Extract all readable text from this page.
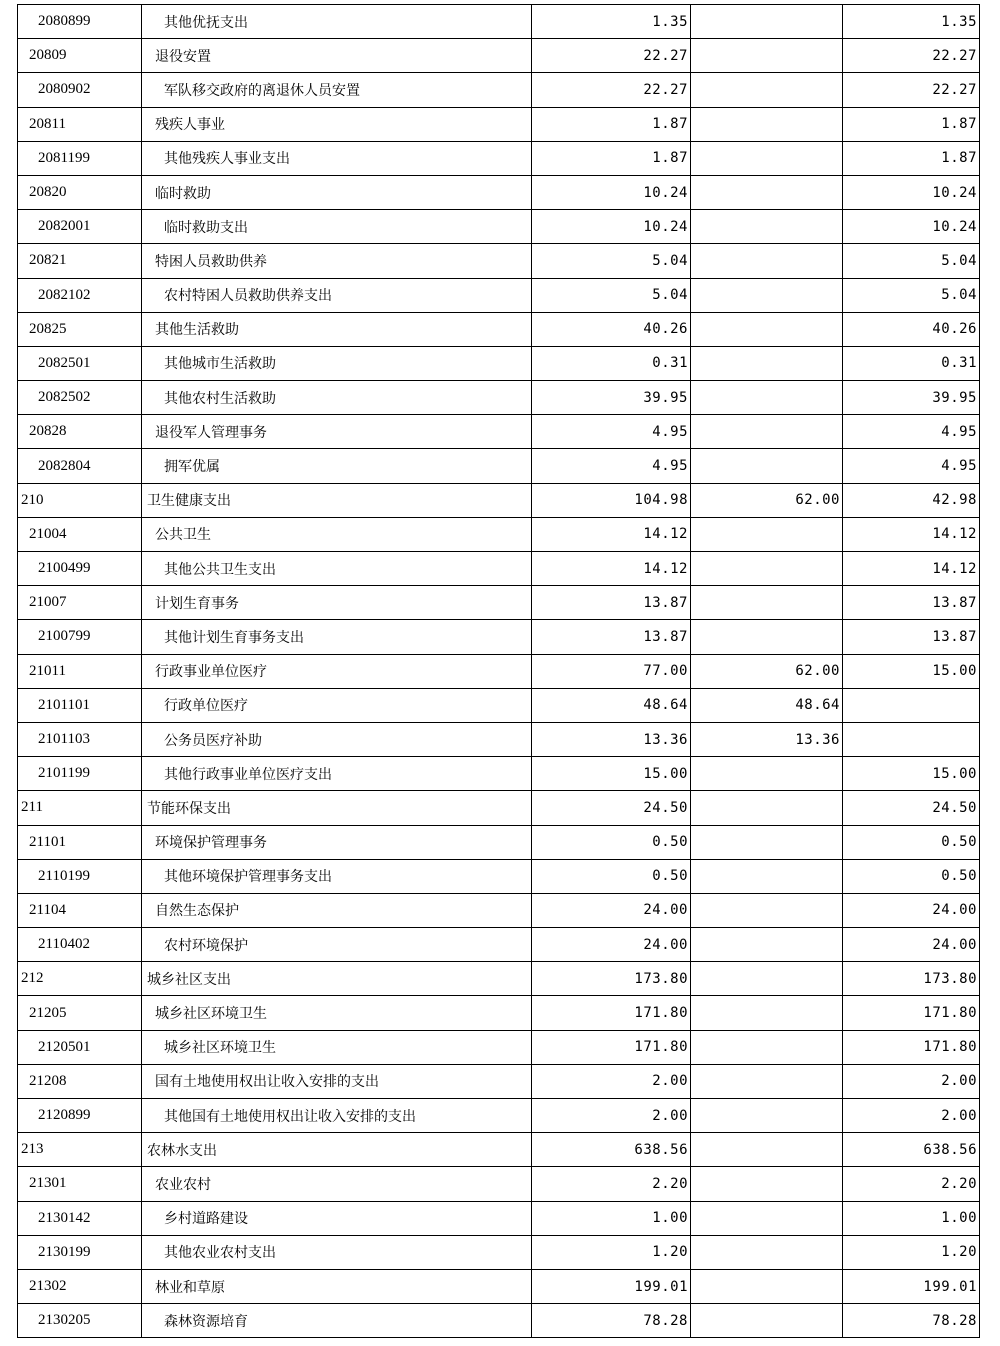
2080899	其他优抚支出	1.35		1.35
20809	退役安置	22.27		22.27
2080902	军队移交政府的离退休人员安置	22.27		22.27
20811	残疾人事业	1.87		1.87
2081199	其他残疾人事业支出	1.87		1.87
20820	临时救助	10.24		10.24
2082001	临时救助支出	10.24		10.24
20821	特困人员救助供养	5.04		5.04
2082102	农村特困人员救助供养支出	5.04		5.04
20825	其他生活救助	40.26		40.26
2082501	其他城市生活救助	0.31		0.31
2082502	其他农村生活救助	39.95		39.95
20828	退役军人管理事务	4.95		4.95
2082804	拥军优属	4.95		4.95
210	卫生健康支出	104.98	62.00	42.98
21004	公共卫生	14.12		14.12
2100499	其他公共卫生支出	14.12		14.12
21007	计划生育事务	13.87		13.87
2100799	其他计划生育事务支出	13.87		13.87
21011	行政事业单位医疗	77.00	62.00	15.00
2101101	行政单位医疗	48.64	48.64	
2101103	公务员医疗补助	13.36	13.36	
2101199	其他行政事业单位医疗支出	15.00		15.00
211	节能环保支出	24.50		24.50
21101	环境保护管理事务	0.50		0.50
2110199	其他环境保护管理事务支出	0.50		0.50
21104	自然生态保护	24.00		24.00
2110402	农村环境保护	24.00		24.00
212	城乡社区支出	173.80		173.80
21205	城乡社区环境卫生	171.80		171.80
2120501	城乡社区环境卫生	171.80		171.80
21208	国有土地使用权出让收入安排的支出	2.00		2.00
2120899	其他国有土地使用权出让收入安排的支出	2.00		2.00
213	农林水支出	638.56		638.56
21301	农业农村	2.20		2.20
2130142	乡村道路建设	1.00		1.00
2130199	其他农业农村支出	1.20		1.20
21302	林业和草原	199.01		199.01
2130205	森林资源培育	78.28		78.28
